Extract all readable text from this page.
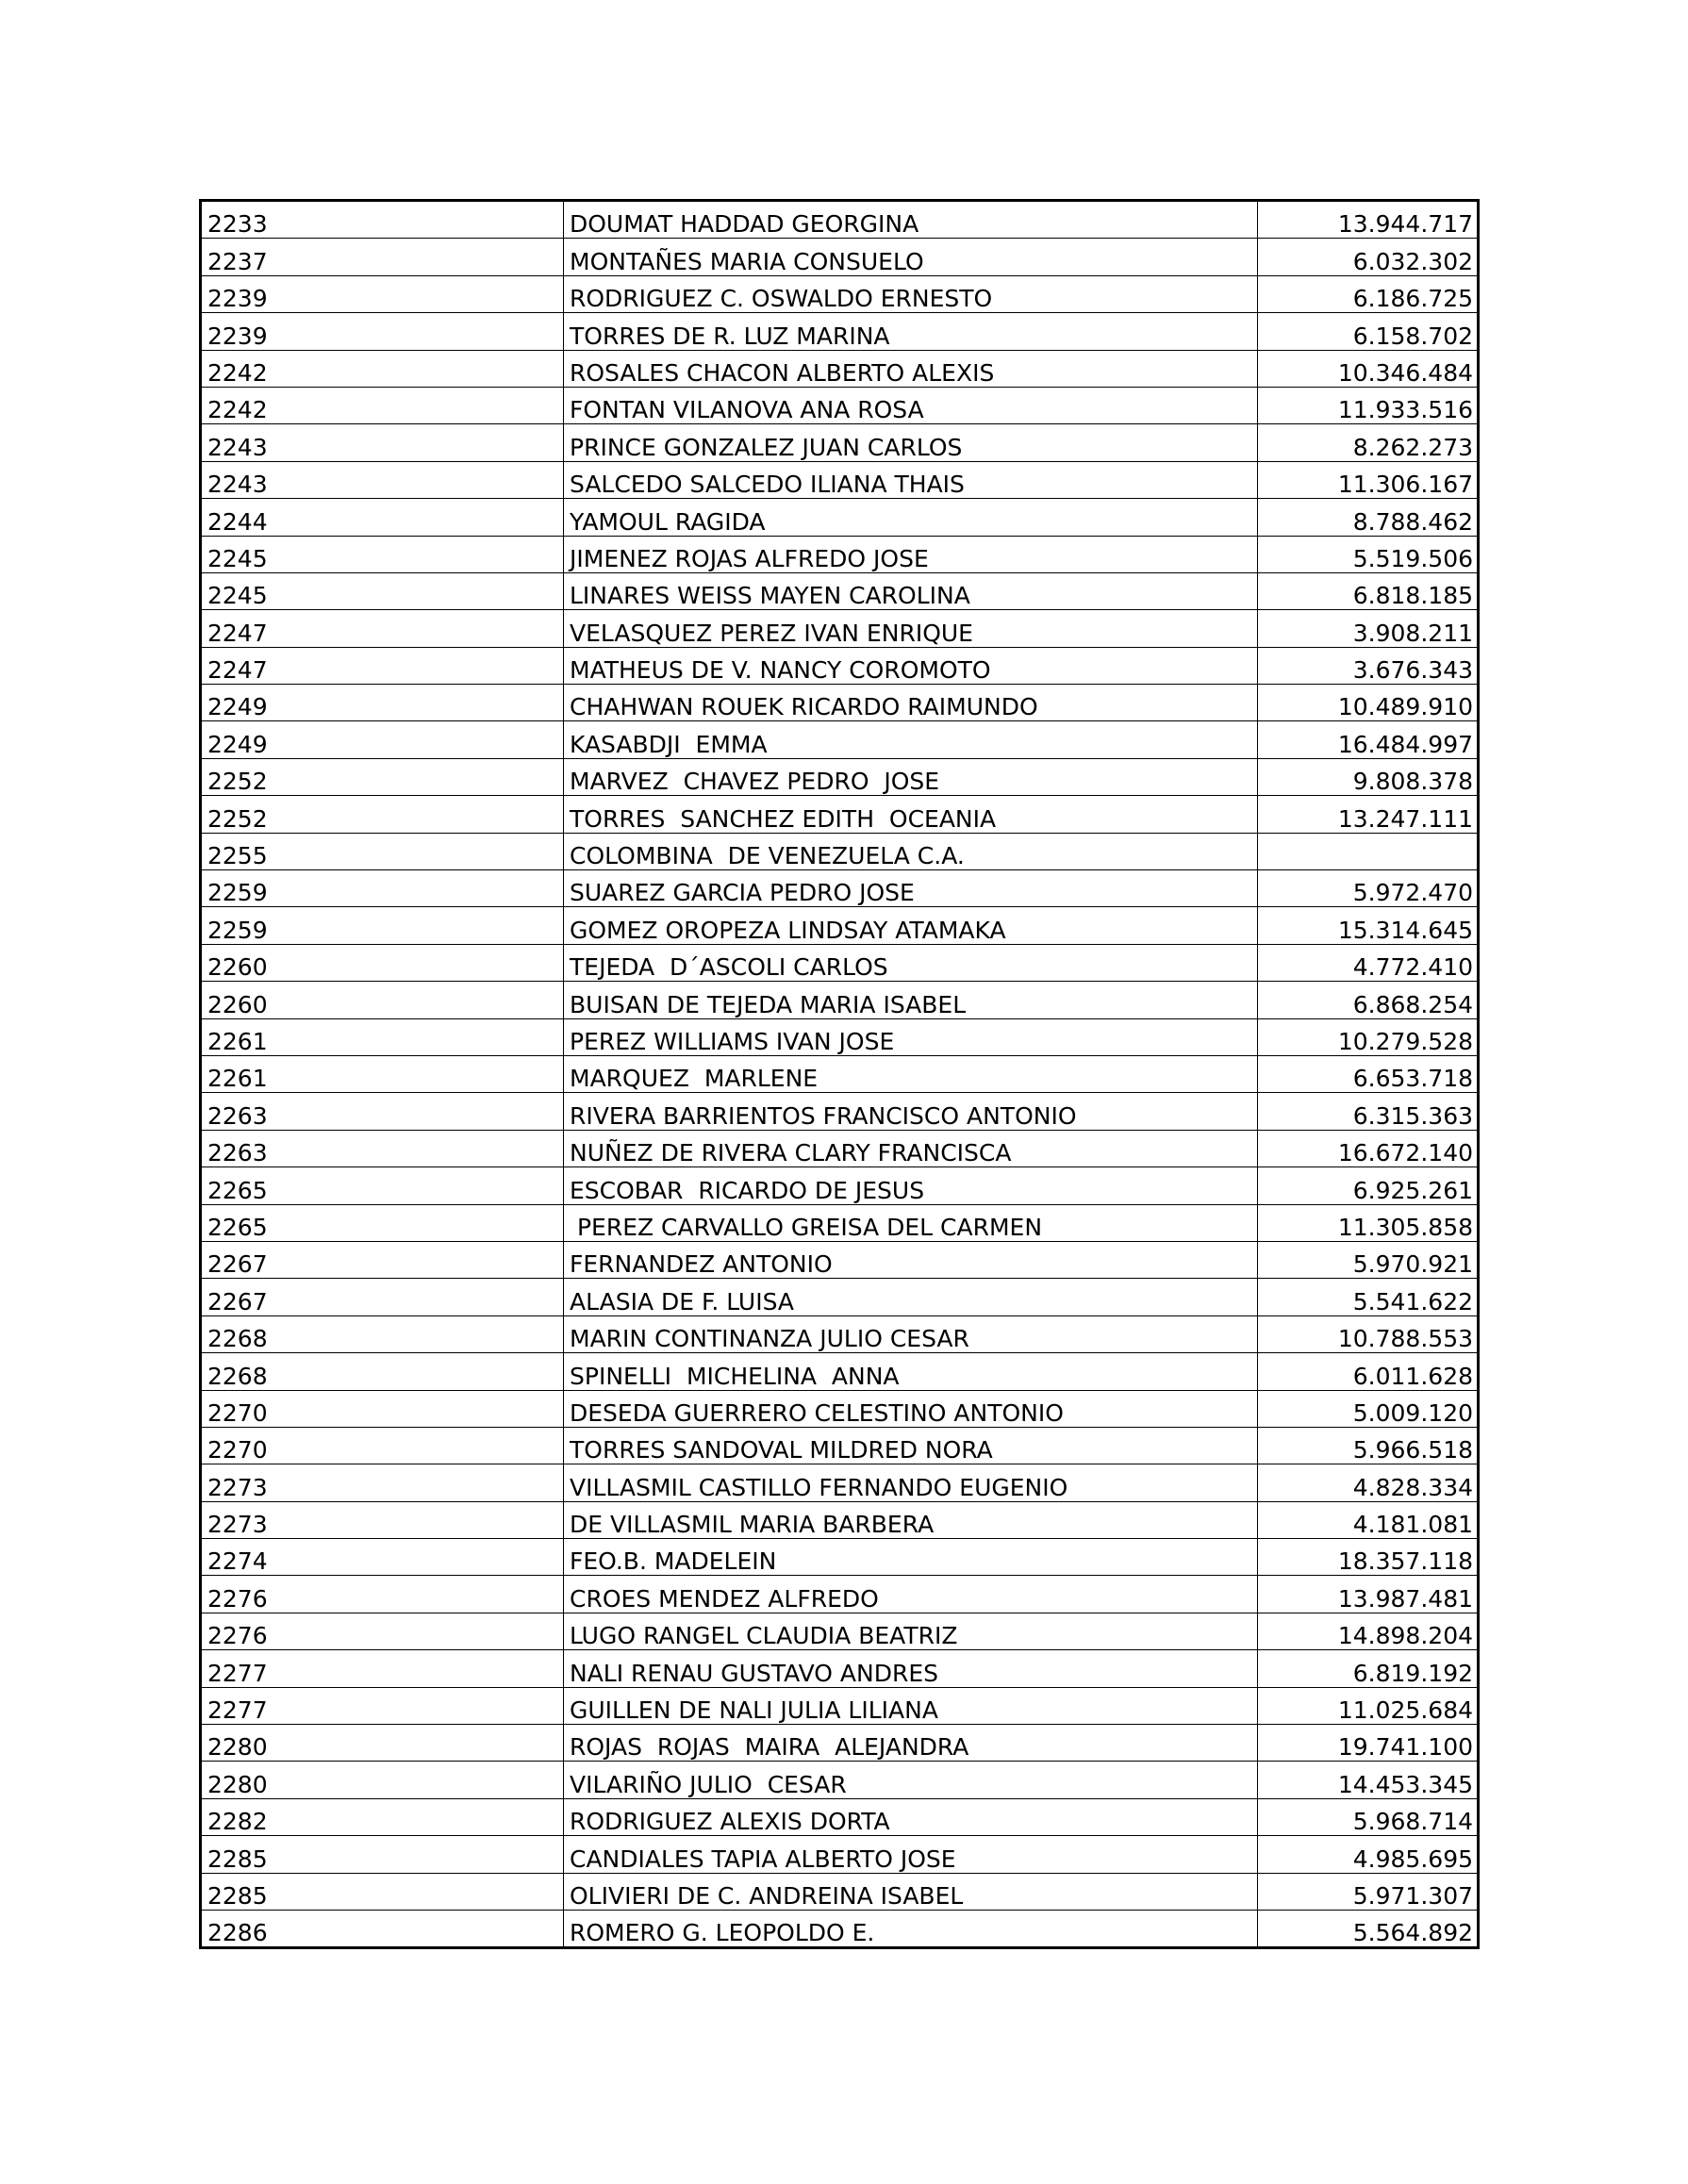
2233	DOUMAT HADDAD GEORGINA	13.944.717
2237	MONTAÑES MARIA CONSUELO	6.032.302
2239	RODRIGUEZ C. OSWALDO ERNESTO	6.186.725
2239	TORRES DE R. LUZ MARINA	6.158.702
2242	ROSALES CHACON ALBERTO ALEXIS	10.346.484
2242	FONTAN VILANOVA ANA ROSA	11.933.516
2243	PRINCE GONZALEZ JUAN CARLOS	8.262.273
2243	SALCEDO SALCEDO ILIANA THAIS	11.306.167
2244	YAMOUL RAGIDA	8.788.462
2245	JIMENEZ ROJAS ALFREDO JOSE	5.519.506
2245	LINARES WEISS MAYEN CAROLINA	6.818.185
2247	VELASQUEZ PEREZ IVAN ENRIQUE	3.908.211
2247	MATHEUS DE V. NANCY COROMOTO	3.676.343
2249	CHAHWAN ROUEK RICARDO RAIMUNDO	10.489.910
2249	KASABDJI  EMMA	16.484.997
2252	MARVEZ  CHAVEZ PEDRO  JOSE	9.808.378
2252	TORRES  SANCHEZ EDITH  OCEANIA	13.247.111
2255	COLOMBINA  DE VENEZUELA C.A.	
2259	SUAREZ GARCIA PEDRO JOSE	5.972.470
2259	GOMEZ OROPEZA LINDSAY ATAMAKA	15.314.645
2260	TEJEDA  D´ASCOLI CARLOS	4.772.410
2260	BUISAN DE TEJEDA MARIA ISABEL	6.868.254
2261	PEREZ WILLIAMS IVAN JOSE	10.279.528
2261	MARQUEZ  MARLENE	6.653.718
2263	RIVERA BARRIENTOS FRANCISCO ANTONIO	6.315.363
2263	NUÑEZ DE RIVERA CLARY FRANCISCA	16.672.140
2265	ESCOBAR  RICARDO DE JESUS	6.925.261
2265	PEREZ CARVALLO GREISA DEL CARMEN	11.305.858
2267	FERNANDEZ ANTONIO	5.970.921
2267	ALASIA DE F. LUISA	5.541.622
2268	MARIN CONTINANZA JULIO CESAR	10.788.553
2268	SPINELLI  MICHELINA  ANNA	6.011.628
2270	DESEDA GUERRERO CELESTINO ANTONIO	5.009.120
2270	TORRES SANDOVAL MILDRED NORA	5.966.518
2273	VILLASMIL CASTILLO FERNANDO EUGENIO	4.828.334
2273	DE VILLASMIL MARIA BARBERA	4.181.081
2274	FEO.B. MADELEIN	18.357.118
2276	CROES MENDEZ ALFREDO	13.987.481
2276	LUGO RANGEL CLAUDIA BEATRIZ	14.898.204
2277	NALI RENAU GUSTAVO ANDRES	6.819.192
2277	GUILLEN DE NALI JULIA LILIANA	11.025.684
2280	ROJAS  ROJAS  MAIRA  ALEJANDRA	19.741.100
2280	VILARIÑO JULIO  CESAR	14.453.345
2282	RODRIGUEZ ALEXIS DORTA	5.968.714
2285	CANDIALES TAPIA ALBERTO JOSE	4.985.695
2285	OLIVIERI DE C. ANDREINA ISABEL	5.971.307
2286	ROMERO G. LEOPOLDO E.	5.564.892
